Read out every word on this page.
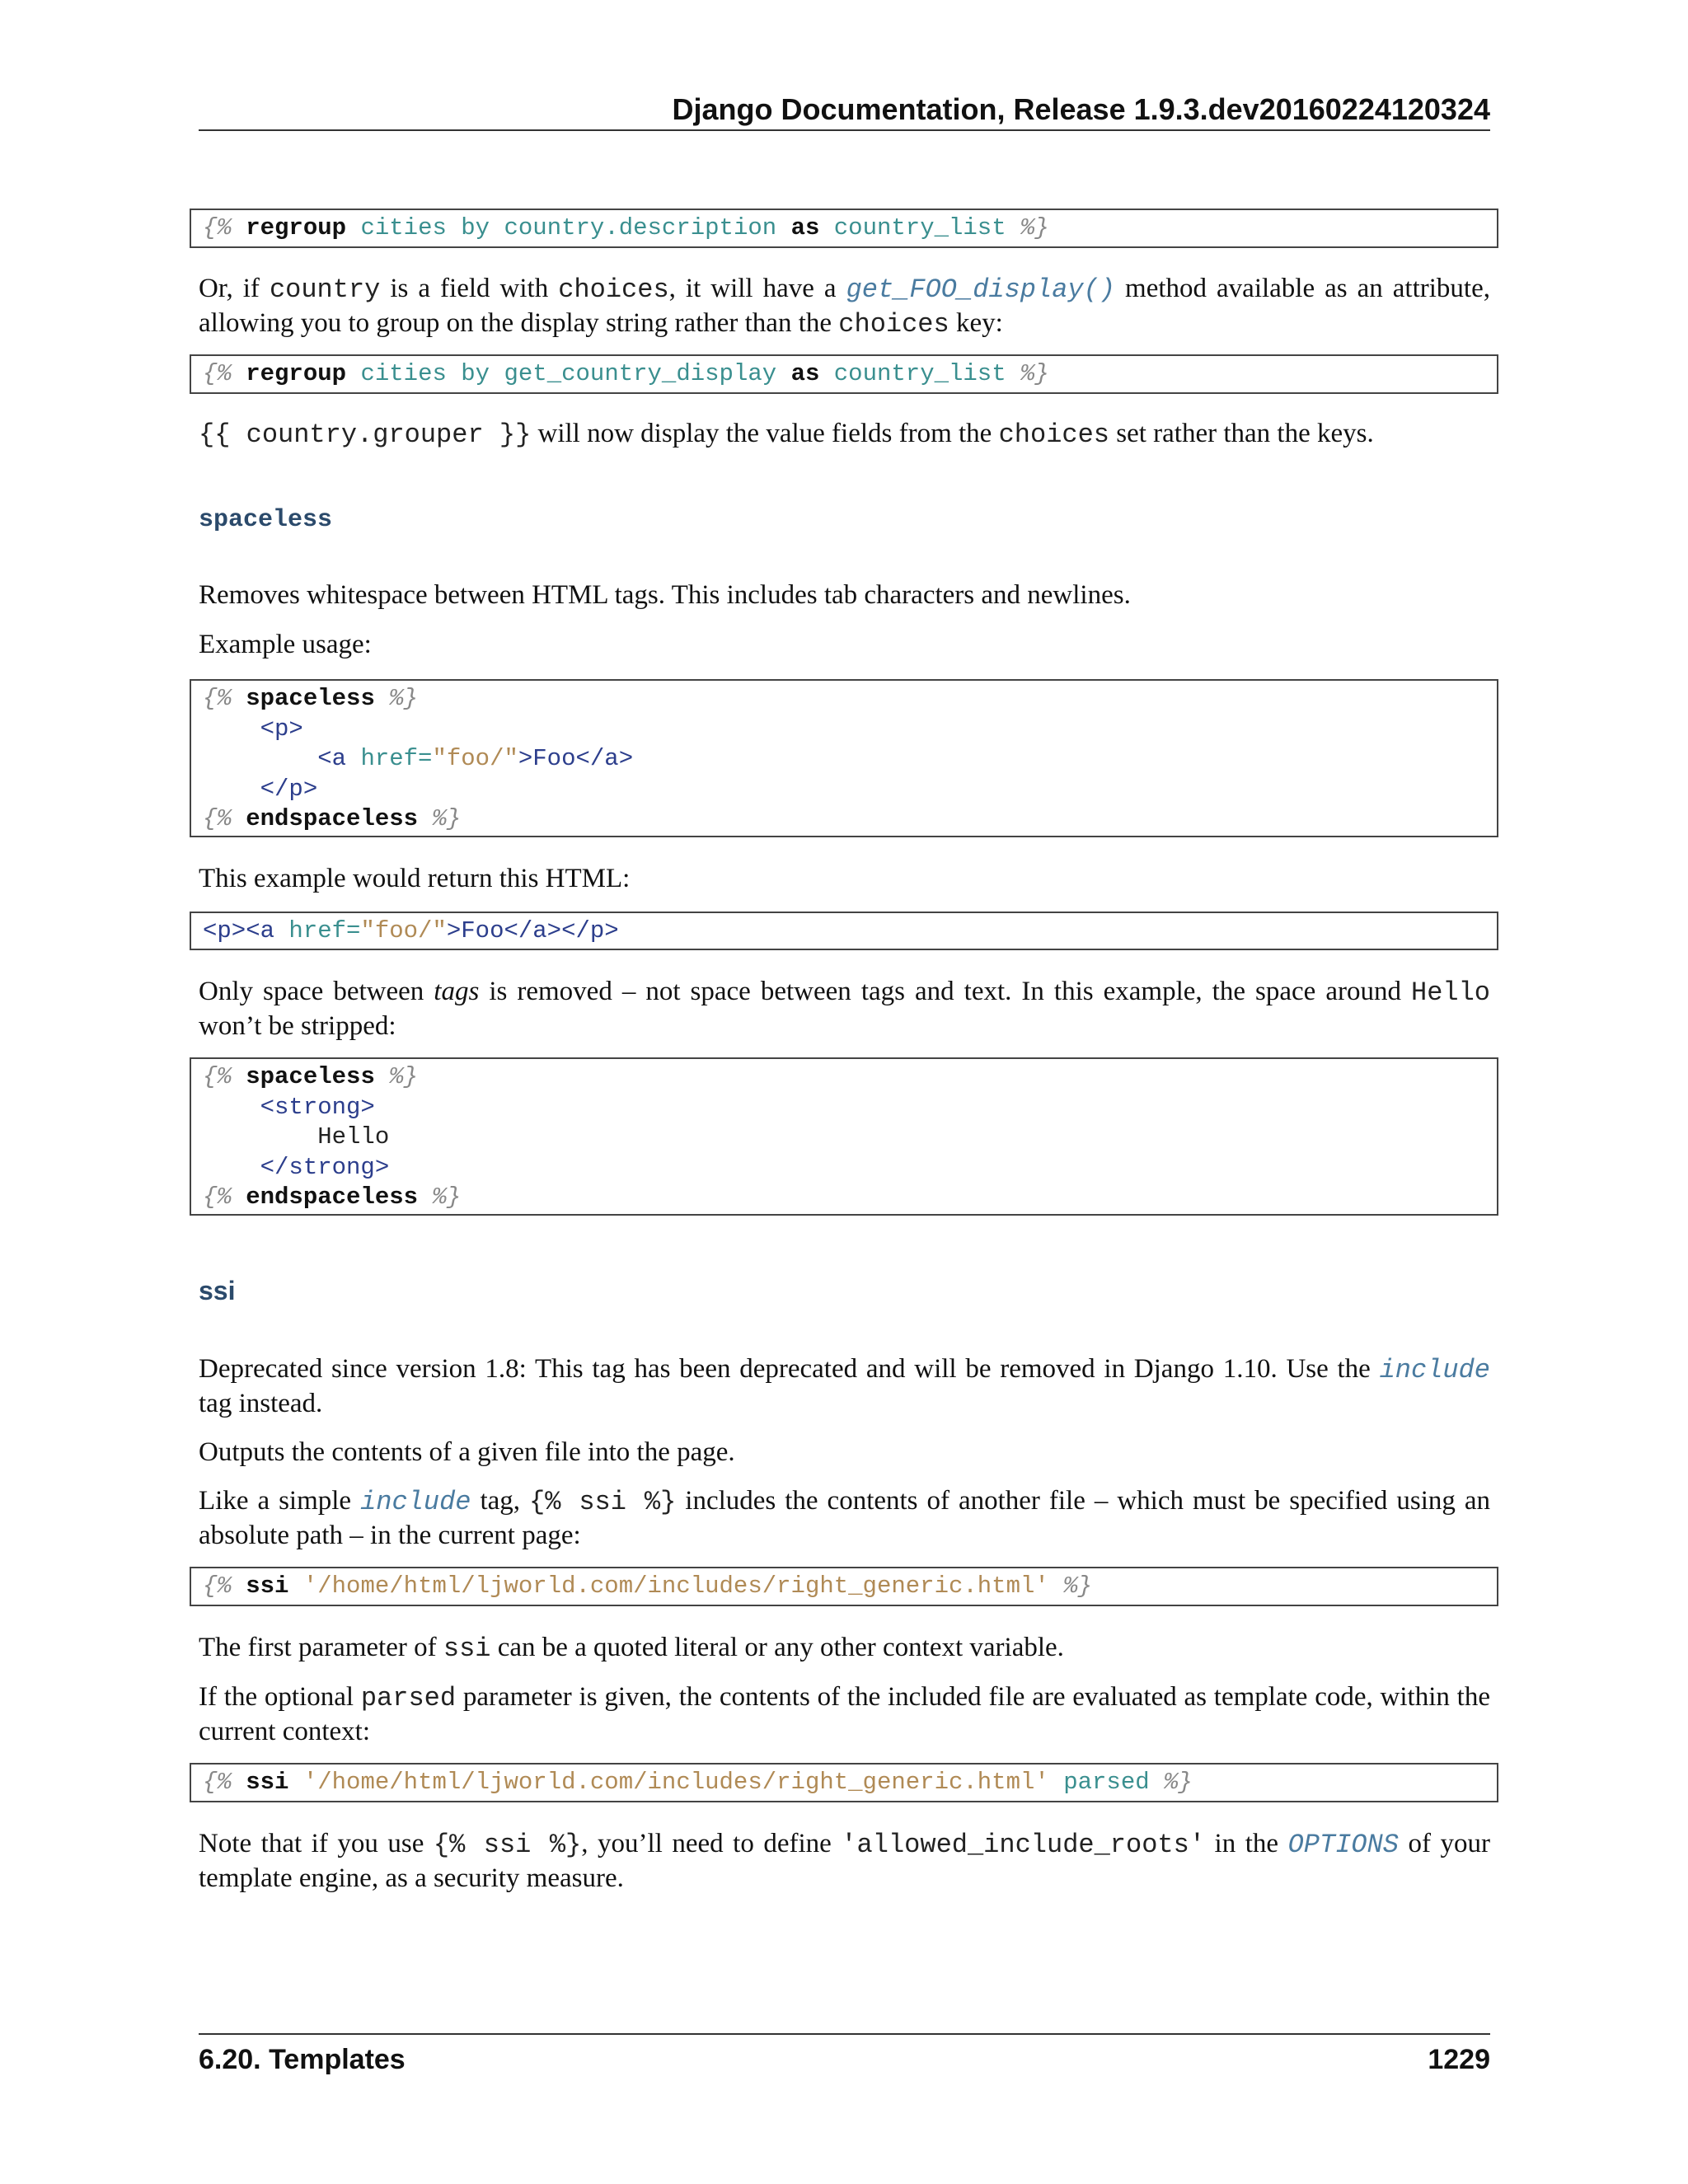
Django Documentation, Release 1.9.3.dev20160224120324
{% regroup cities by country.description as country_list %}
Or, if country is a field with choices, it will have a get_FOO_display() method available as an attribute,
allowing you to group on the display string rather than the choices key:
{% regroup cities by get_country_display as country_list %}
{{ country.grouper }} will now display the value fields from the choices set rather than the keys.
spaceless
Removes whitespace between HTML tags. This includes tab characters and newlines.
Example usage:
{% spaceless %}
<p>
<a href="foo/">Foo</a>
</p>
{% endspaceless %}
This example would return this HTML:
<p><a href="foo/">Foo</a></p>
Only space between tags is removed – not space between tags and text. In this example, the space around Hello
won’t be stripped:
{% spaceless %}
<strong>
Hello
</strong>
{% endspaceless %}
ssi
Deprecated since version 1.8: This tag has been deprecated and will be removed in Django 1.10. Use the include
tag instead.
Outputs the contents of a given file into the page.
Like a simple include tag, {% ssi %} includes the contents of another file – which must be specified using an
absolute path – in the current page:
{% ssi '/home/html/ljworld.com/includes/right_generic.html' %}
The first parameter of ssi can be a quoted literal or any other context variable.
If the optional parsed parameter is given, the contents of the included file are evaluated as template code, within the
current context:
{% ssi '/home/html/ljworld.com/includes/right_generic.html' parsed %}
Note that if you use {% ssi %}, you’ll need to define 'allowed_include_roots' in the OPTIONS of your
template engine, as a security measure.
6.20. Templates	1229
